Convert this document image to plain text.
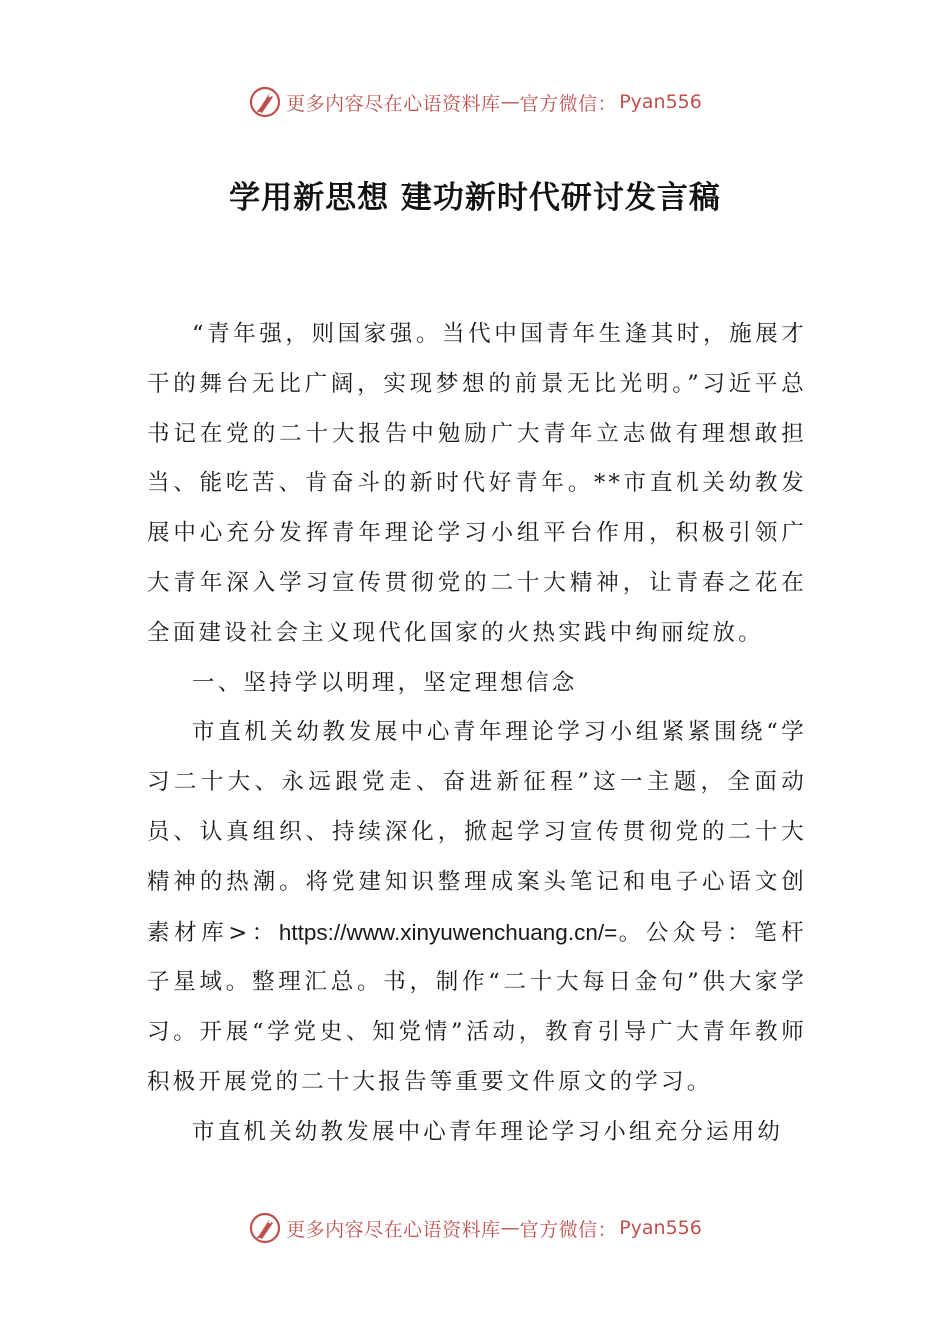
更多内容尽在心语资料库 — 官方微信： Pyan556
学用新思想 建功新时代研讨发言稿

“青年强，则国家强。当代中国青年生逢其时，施展才干的舞台无比广阔，实现梦想的前景无比光明。”习近平总书记在党的二十大报告中勉励广大青年立志做有理想敢担当、能吃苦、肯奋斗的新时代好青年。**市直机关幼教发展中心充分发挥青年理论学习小组平台作用，积极引领广大青年深入学习宣传贯彻党的二十大精神，让青春之花在全面建设社会主义现代化国家的火热实践中绚丽绽放。

一、坚持学以明理，坚定理想信念

市直机关幼教发展中心青年理论学习小组紧紧围绕“学习二十大、永远跟党走、奋进新征程”这一主题，全面动员、认真组织、持续深化，掀起学习宣传贯彻党的二十大精神的热潮。将党建知识整理成案头笔记和电子心语文创素材库>：https://www.xinyuwenchuang.cn/=。公众号：笔杆子星域。整理汇总。书，制作“二十大每日金句”供大家学习。开展“学党史、知党情”活动，教育引导广大青年教师积极开展党的二十大报告等重要文件原文的学习。

市直机关幼教发展中心青年理论学习小组充分运用幼

更多内容尽在心语资料库 — 官方微信： Pyan556
